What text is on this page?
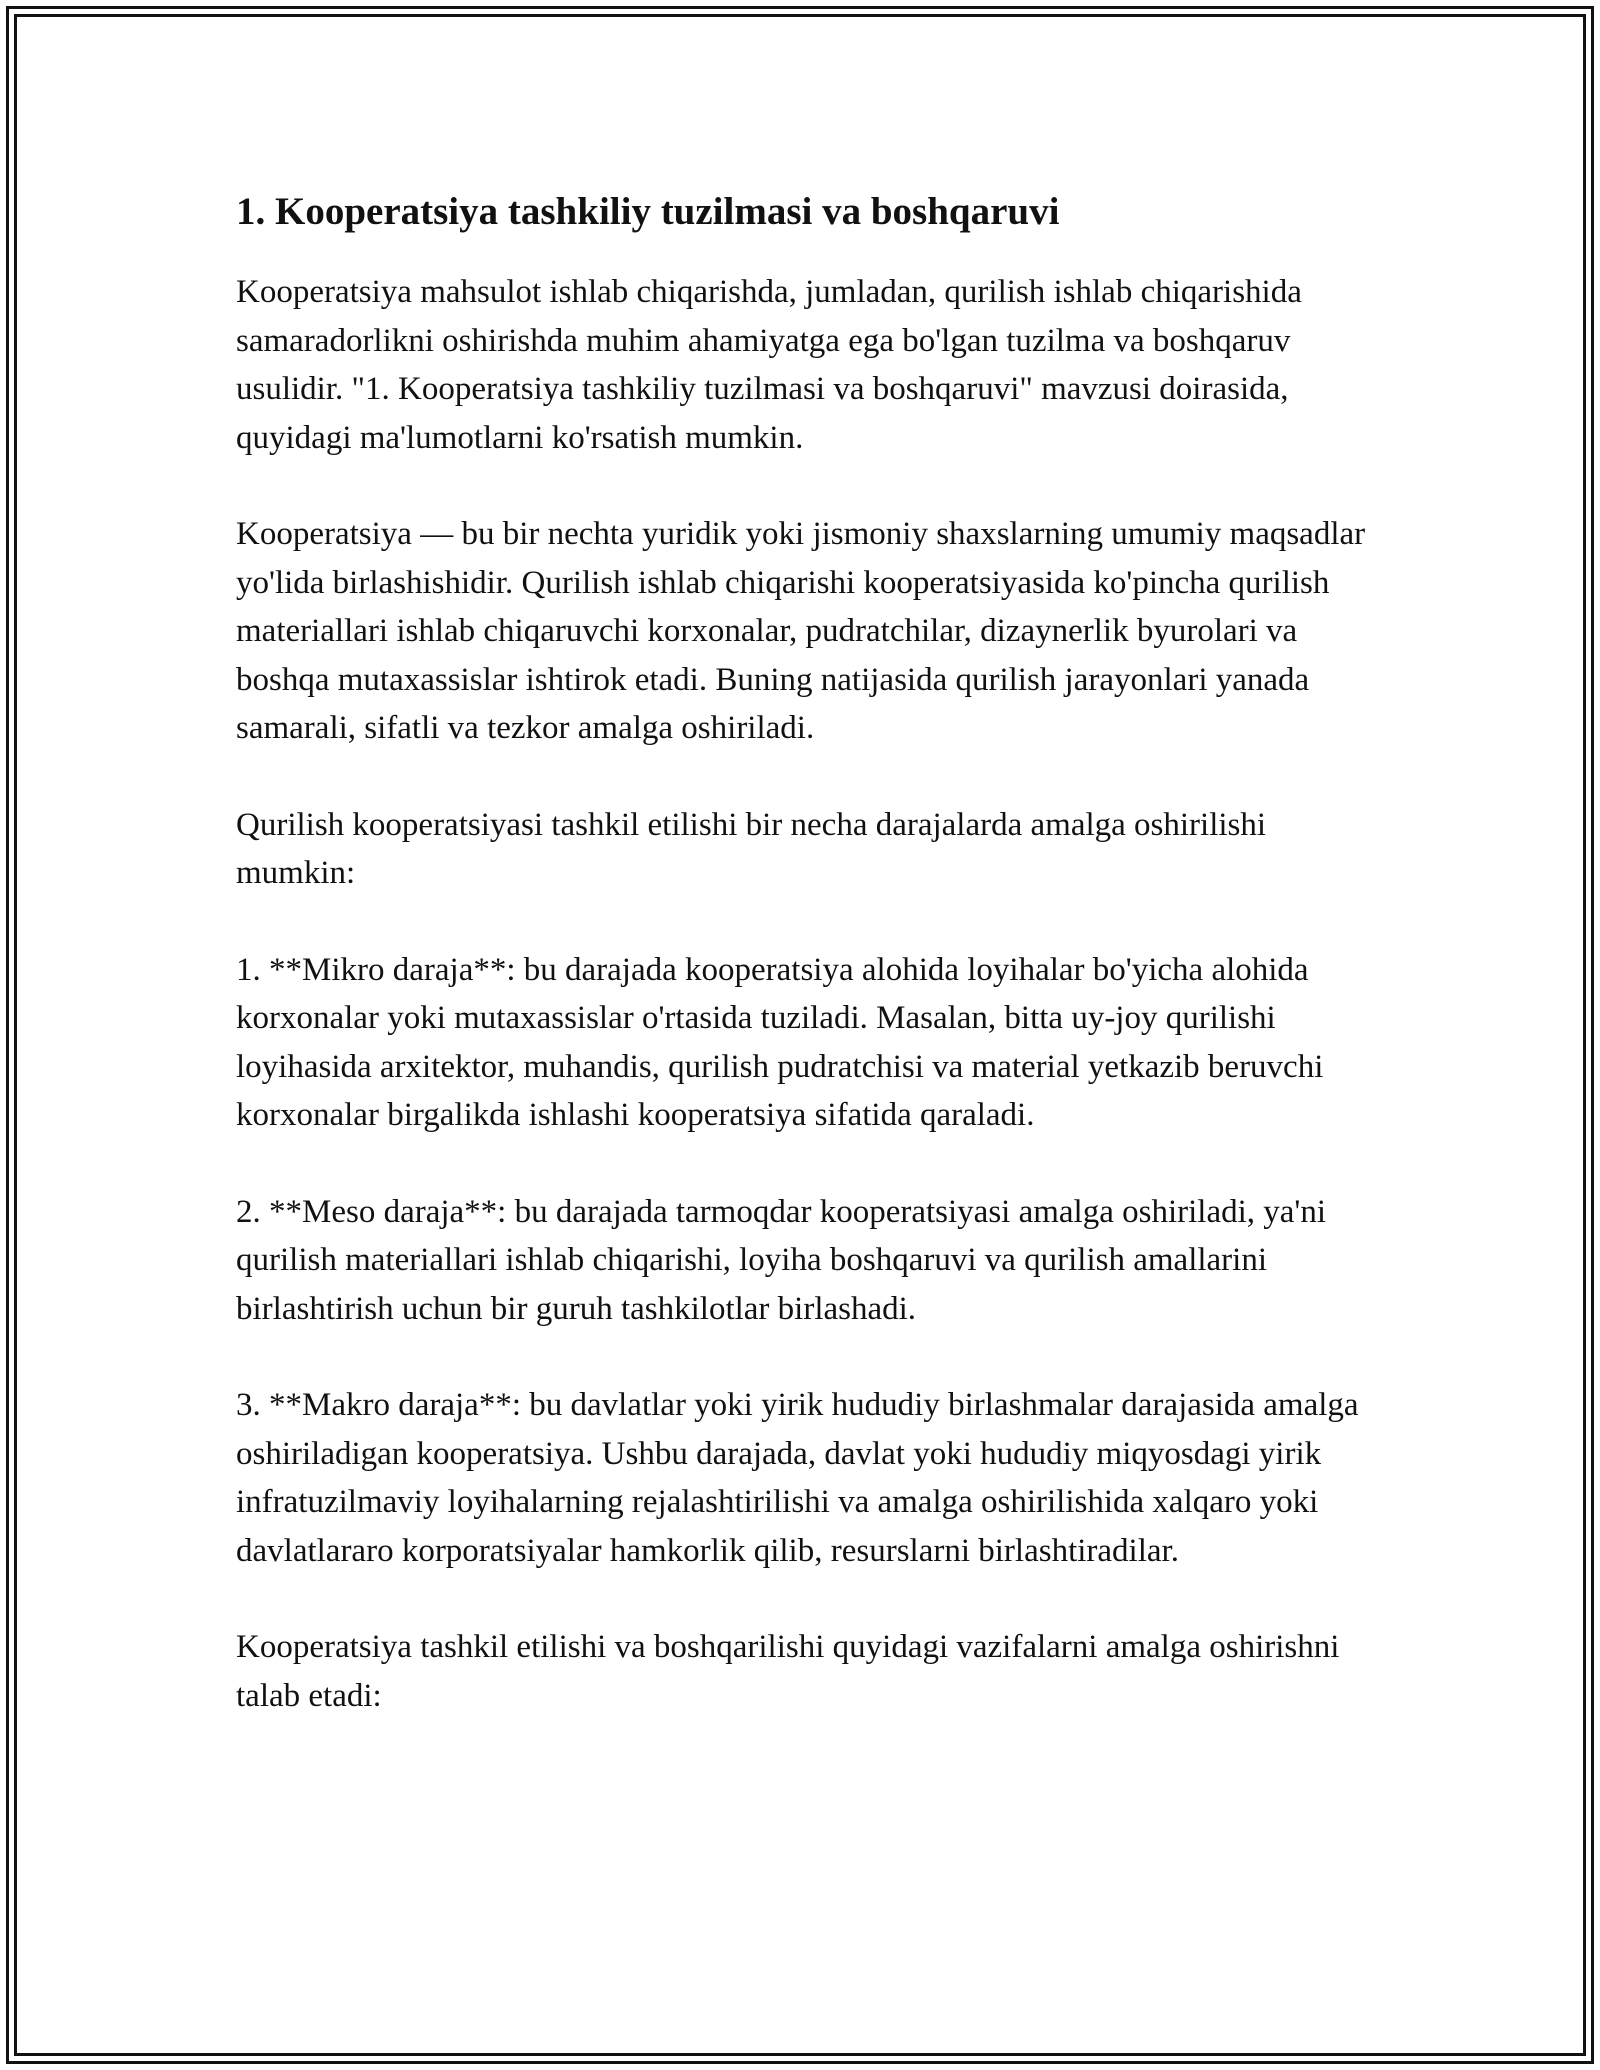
1. Kooperatsiya tashkiliy tuzilmasi va boshqaruvi

Kooperatsiya mahsulot ishlab chiqarishda, jumladan, qurilish ishlab chiqarishida samaradorlikni oshirishda muhim ahamiyatga ega bo'lgan tuzilma va boshqaruv usulidir. "1. Kooperatsiya tashkiliy tuzilmasi va boshqaruvi" mavzusi doirasida, quyidagi ma'lumotlarni ko'rsatish mumkin.

Kooperatsiya — bu bir nechta yuridik yoki jismoniy shaxslarning umumiy maqsadlar yo'lida birlashishidir. Qurilish ishlab chiqarishi kooperatsiyasida ko'pincha qurilish materiallari ishlab chiqaruvchi korxonalar, pudratchilar, dizaynerlik byurolari va boshqa mutaxassislar ishtirok etadi. Buning natijasida qurilish jarayonlari yanada samarali, sifatli va tezkor amalga oshiriladi.

Qurilish kooperatsiyasi tashkil etilishi bir necha darajalarda amalga oshirilishi mumkin:

1. **Mikro daraja**: bu darajada kooperatsiya alohida loyihalar bo'yicha alohida korxonalar yoki mutaxassislar o'rtasida tuziladi. Masalan, bitta uy-joy qurilishi loyihasida arxitektor, muhandis, qurilish pudratchisi va material yetkazib beruvchi korxonalar birgalikda ishlashi kooperatsiya sifatida qaraladi.

2. **Meso daraja**: bu darajada tarmoqdar kooperatsiyasi amalga oshiriladi, ya'ni qurilish materiallari ishlab chiqarishi, loyiha boshqaruvi va qurilish amallarini birlashtirish uchun bir guruh tashkilotlar birlashadi.

3. **Makro daraja**: bu davlatlar yoki yirik hududiy birlashmalar darajasida amalga oshiriladigan kooperatsiya. Ushbu darajada, davlat yoki hududiy miqyosdagi yirik infratuzilmaviy loyihalarning rejalashtirilishi va amalga oshirilishida xalqaro yoki davlatlararo korporatsiyalar hamkorlik qilib, resurslarni birlashtiradilar.

Kooperatsiya tashkil etilishi va boshqarilishi quyidagi vazifalarni amalga oshirishni talab etadi:
